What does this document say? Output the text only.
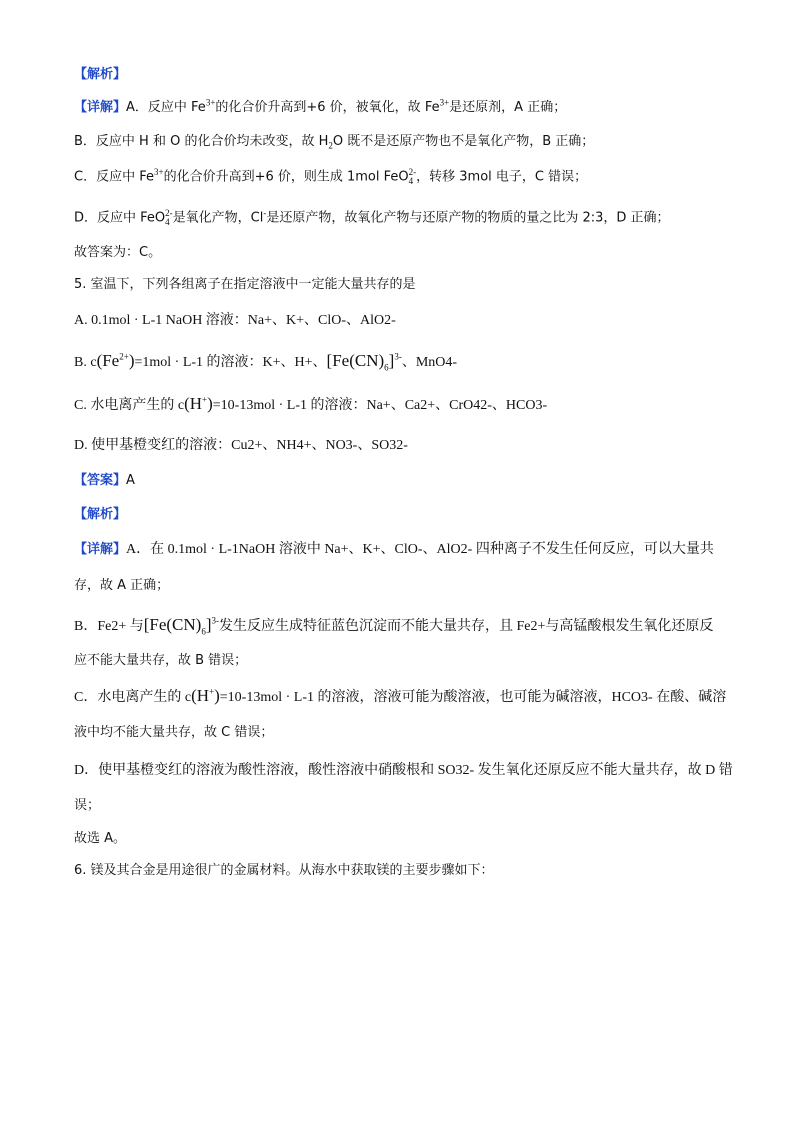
【解析】
【详解】A．反应中 $Fe^{3+}$的化合价升高到+6 价，被氧化，故 $Fe^{3+}$是还原剂，A 正确；
B．反应中 H 和 O 的化合价均未改变，故 $H_2O$ 既不是还原产物也不是氧化产物，B 正确；
C．反应中 $Fe^{3+}$的化合价升高到+6 价，则生成 1mol FeO 2-
4 ，转移 3mol 电子，C 错误；
D．反应中 FeO 2-
4 是氧化产物，Cl-是还原产物，故氧化产物与还原产物的物质的量之比为 2:3，D 正确；
故答案为：C。
5. 室温下，下列各组离子在指定溶液中一定能大量共存的是
A. 0.1mol · L-1 NaOH 溶液：Na+、K+、ClO-、AlO2-
B. $c(Fe^{2+})=1mol \cdot L-1$ 的溶液：K+、H+、$[Fe(CN)_6]^{3-}$、MnO4-
C. 水电离产生的 c(H+)=10-13mol · L-1 的溶液：Na+、Ca2+、CrO42-、HCO3-
D. 使甲基橙变红的溶液：Cu2+、NH4+、NO3-、SO32-
【答案】A
【解析】
【详解】A．在 0.1mol · L-1NaOH 溶液中 Na+、K+、ClO-、AlO2- 四种离子不发生任何反应，可以大量共
存，故 A 正确；
B．Fe2+ 与$[Fe(CN)_6]^{3-}$发生反应生成特征蓝色沉淀而不能大量共存，且 Fe2+与高锰酸根发生氧化还原反
应不能大量共存，故 B 错误；
C．水电离产生的 c(H+)=10-13mol · L-1 的溶液，溶液可能为酸溶液，也可能为碱溶液，HCO3- 在酸、碱溶
液中均不能大量共存，故 C 错误；
D．使甲基橙变红的溶液为酸性溶液，酸性溶液中硝酸根和 SO32- 发生氧化还原反应不能大量共存，故 D 错
误；
故选 A。
6. 镁及其合金是用途很广的金属材料。从海水中获取镁的主要步骤如下：
